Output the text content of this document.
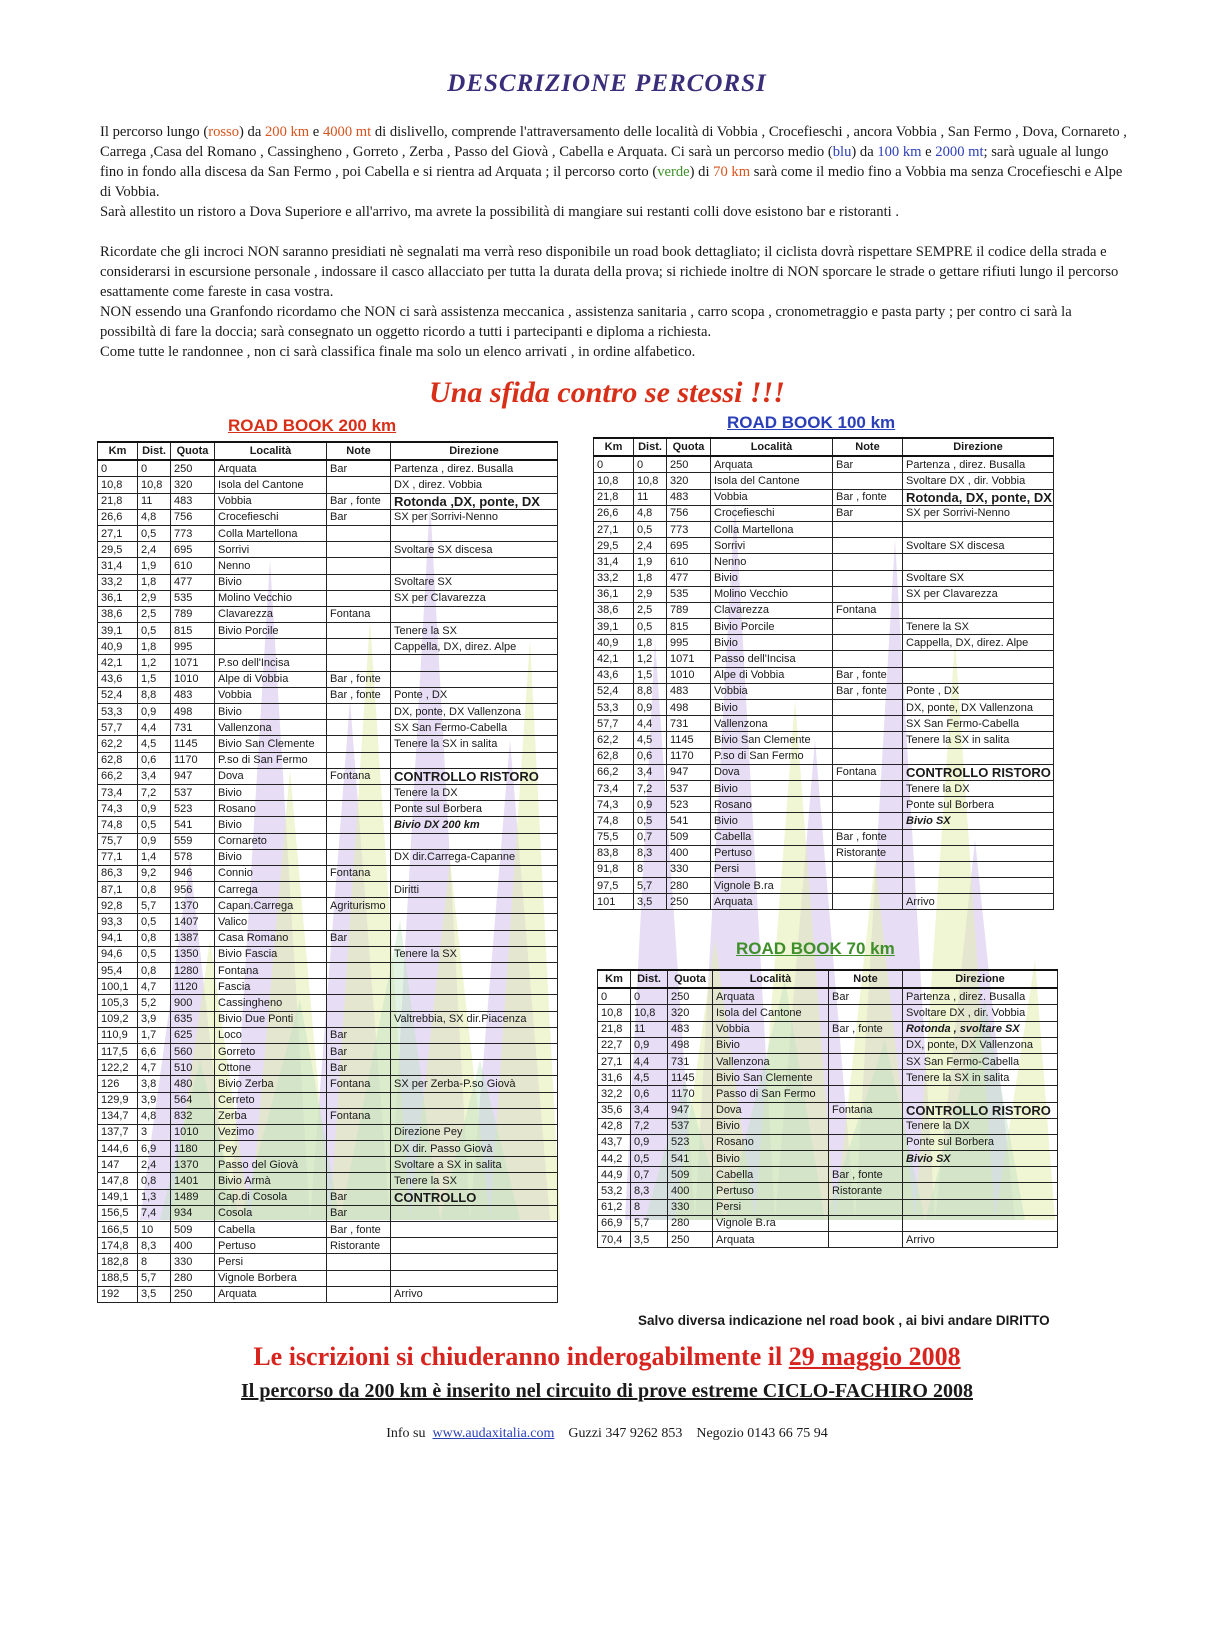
DESCRIZIONE PERCORSI

Il percorso lungo (rosso) da 200 km e 4000 mt di dislivello, comprende l'attraversamento delle località di Vobbia , Crocefieschi , ancora Vobbia , San Fermo , Dova, Cornareto , Carrega ,Casa del Romano , Cassingheno , Gorreto , Zerba , Passo del Giovà , Cabella e Arquata. Ci sarà un percorso medio (blu) da 100 km e 2000 mt; sarà uguale al lungo fino in fondo alla discesa da San Fermo , poi Cabella e si rientra ad Arquata ; il percorso corto (verde) di 70 km sarà come il medio fino a Vobbia ma senza Crocefieschi e Alpe di Vobbia.
Sarà allestito un ristoro a Dova Superiore e all'arrivo, ma avrete la possibilità di mangiare sui restanti colli dove esistono bar e ristoranti .

Ricordate che gli incroci NON saranno presidiati nè segnalati ma verrà reso disponibile un road book dettagliato; il ciclista dovrà rispettare SEMPRE il codice della strada e considerarsi in escursione personale , indossare il casco allacciato per tutta la durata della prova; si richiede inoltre di NON sporcare le strade o gettare rifiuti lungo il percorso esattamente come fareste in casa vostra.
NON essendo una Granfondo ricordamo che NON ci sarà assistenza meccanica , assistenza sanitaria , carro scopa , cronometraggio e pasta party ; per contro ci sarà la possibiltà di fare la doccia; sarà consegnato un oggetto ricordo a tutti i partecipanti e diploma a richiesta.
Come tutte le randonnee , non ci sarà classifica finale ma solo un elenco arrivati , in ordine alfabetico.

Una sfida contro se stessi !!!
ROAD BOOK 200 km	ROAD BOOK 100 km
ROAD BOOK 70 km
Km	Dist.	Quota	Località	Note	Direzione
0	0	250	Arquata	Bar	Partenza , direz. Busalla
10,8	10,8	320	Isola del Cantone		DX , direz. Vobbia
21,8	11	483	Vobbia	Bar , fonte	Rotonda ,DX, ponte, DX
26,6	4,8	756	Crocefieschi	Bar	SX per Sorrivi-Nenno
27,1	0,5	773	Colla Martellona		
29,5	2,4	695	Sorrivi		Svoltare SX discesa
31,4	1,9	610	Nenno		
33,2	1,8	477	Bivio		Svoltare SX
36,1	2,9	535	Molino Vecchio		SX per Clavarezza
38,6	2,5	789	Clavarezza	Fontana	
39,1	0,5	815	Bivio Porcile		Tenere la SX
40,9	1,8	995			Cappella, DX, direz. Alpe
42,1	1,2	1071	P.so dell'Incisa		
43,6	1,5	1010	Alpe di Vobbia	Bar , fonte	
52,4	8,8	483	Vobbia	Bar , fonte	Ponte , DX
53,3	0,9	498	Bivio		DX, ponte, DX Vallenzona
57,7	4,4	731	Vallenzona		SX San Fermo-Cabella
62,2	4,5	1145	Bivio San Clemente		Tenere la SX in salita
62,8	0,6	1170	P.so di San Fermo		
66,2	3,4	947	Dova	Fontana	CONTROLLO RISTORO
73,4	7,2	537	Bivio		Tenere la DX
74,3	0,9	523	Rosano		Ponte sul Borbera
74,8	0,5	541	Bivio		Bivio DX 200 km
75,7	0,9	559	Cornareto		
77,1	1,4	578	Bivio		DX dir.Carrega-Capanne
86,3	9,2	946	Connio	Fontana	
87,1	0,8	956	Carrega		Diritti
92,8	5,7	1370	Capan.Carrega	Agriturismo	
93,3	0,5	1407	Valico		
94,1	0,8	1387	Casa Romano	Bar	
94,6	0,5	1350	Bivio Fascia		Tenere la SX
95,4	0,8	1280	Fontana		
100,1	4,7	1120	Fascia		
105,3	5,2	900	Cassingheno		
109,2	3,9	635	Bivio Due Ponti		Valtrebbia, SX dir.Piacenza
110,9	1,7	625	Loco	Bar	
117,5	6,6	560	Gorreto	Bar	
122,2	4,7	510	Ottone	Bar	
126	3,8	480	Bivio Zerba	Fontana	SX per Zerba-P.so Giovà
129,9	3,9	564	Cerreto		
134,7	4,8	832	Zerba	Fontana	
137,7	3	1010	Vezimo		Direzione Pey
144,6	6,9	1180	Pey		DX dir. Passo Giovà
147	2,4	1370	Passo del Giovà		Svoltare a SX in salita
147,8	0,8	1401	Bivio Armà		Tenere la SX
149,1	1,3	1489	Cap.di Cosola	Bar	CONTROLLO
156,5	7,4	934	Cosola	Bar	
166,5	10	509	Cabella	Bar , fonte	
174,8	8,3	400	Pertuso	Ristorante	
182,8	8	330	Persi		
188,5	5,7	280	Vignole Borbera		
192	3,5	250	Arquata		Arrivo
Km	Dist.	Quota	Località	Note	Direzione
0	0	250	Arquata	Bar	Partenza , direz. Busalla
10,8	10,8	320	Isola del Cantone		Svoltare DX , dir. Vobbia
21,8	11	483	Vobbia	Bar , fonte	Rotonda, DX, ponte, DX
26,6	4,8	756	Crocefieschi	Bar	SX per Sorrivi-Nenno
27,1	0,5	773	Colla Martellona		
29,5	2,4	695	Sorrivi		Svoltare SX discesa
31,4	1,9	610	Nenno		
33,2	1,8	477	Bivio		Svoltare SX
36,1	2,9	535	Molino Vecchio		SX per Clavarezza
38,6	2,5	789	Clavarezza	Fontana	
39,1	0,5	815	Bivio Porcile		Tenere la SX
40,9	1,8	995	Bivio		Cappella, DX, direz. Alpe
42,1	1,2	1071	Passo dell'Incisa		
43,6	1,5	1010	Alpe di Vobbia	Bar , fonte	
52,4	8,8	483	Vobbia	Bar , fonte	Ponte , DX
53,3	0,9	498	Bivio		DX, ponte, DX Vallenzona
57,7	4,4	731	Vallenzona		SX San Fermo-Cabella
62,2	4,5	1145	Bivio San Clemente		Tenere la SX in salita
62,8	0,6	1170	P.so di San Fermo		
66,2	3,4	947	Dova	Fontana	CONTROLLO RISTORO
73,4	7,2	537	Bivio		Tenere la DX
74,3	0,9	523	Rosano		Ponte sul Borbera
74,8	0,5	541	Bivio		Bivio SX
75,5	0,7	509	Cabella	Bar , fonte	
83,8	8,3	400	Pertuso	Ristorante	
91,8	8	330	Persi		
97,5	5,7	280	Vignole B.ra		
101	3,5	250	Arquata		Arrivo
Km	Dist.	Quota	Località	Note	Direzione
0	0	250	Arquata	Bar	Partenza , direz. Busalla
10,8	10,8	320	Isola del Cantone		Svoltare DX , dir. Vobbia
21,8	11	483	Vobbia	Bar , fonte	Rotonda , svoltare SX
22,7	0,9	498	Bivio		DX, ponte, DX Vallenzona
27,1	4,4	731	Vallenzona		SX San Fermo-Cabella
31,6	4,5	1145	Bivio San Clemente		Tenere la SX in salita
32,2	0,6	1170	Passo di San Fermo		
35,6	3,4	947	Dova	Fontana	CONTROLLO RISTORO
42,8	7,2	537	Bivio		Tenere la DX
43,7	0,9	523	Rosano		Ponte sul Borbera
44,2	0,5	541	Bivio		Bivio SX
44,9	0,7	509	Cabella	Bar , fonte	
53,2	8,3	400	Pertuso	Ristorante	
61,2	8	330	Persi		
66,9	5,7	280	Vignole B.ra		
70,4	3,5	250	Arquata		Arrivo
Salvo diversa indicazione nel road book , ai bivi andare DIRITTO
Le iscrizioni si chiuderanno inderogabilmente il 29 maggio 2008
Il percorso da 200 km è inserito nel circuito di prove estreme CICLO-FACHIRO 2008
Info su www.audaxitalia.com Guzzi 347 9262 853 Negozio 0143 66 75 94
